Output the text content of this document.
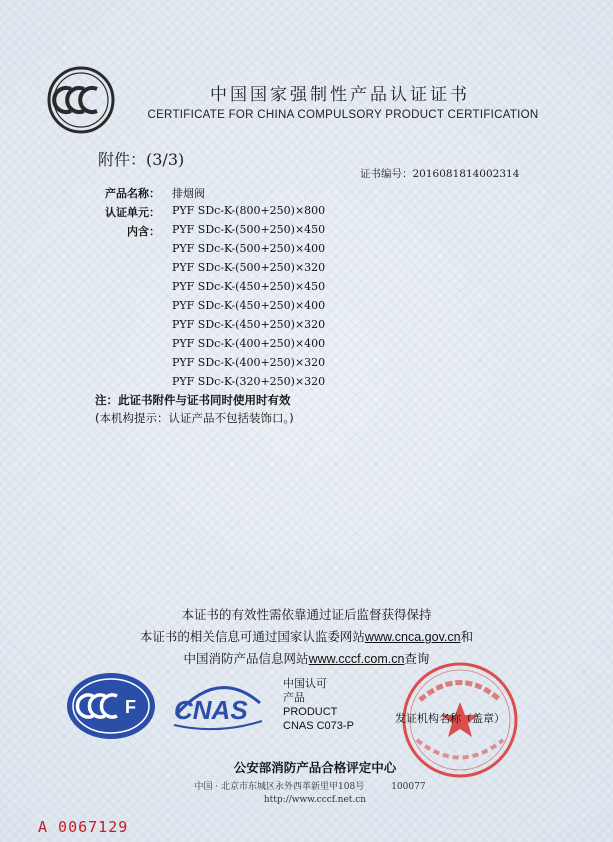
中国国家强制性产品认证证书
CERTIFICATE FOR CHINA COMPULSORY PRODUCT CERTIFICATION
附件：(3/3)
证书编号：2016081814002314
产品名称： 排烟阀
认证单元： PYF SDc-K-(800+250)×800
内含： PYF SDc-K-(500+250)×450
PYF SDc-K-(500+250)×400
PYF SDc-K-(500+250)×320
PYF SDc-K-(450+250)×450
PYF SDc-K-(450+250)×400
PYF SDc-K-(450+250)×320
PYF SDc-K-(400+250)×400
PYF SDc-K-(400+250)×320
PYF SDc-K-(320+250)×320
注：此证书附件与证书同时使用时有效
(本机构提示：认证产品不包括装饰口。)
本证书的有效性需依靠通过证后监督获得保持
本证书的相关信息可通过国家认监委网站www.cnca.gov.cn和
中国消防产品信息网站www.cccf.com.cn查询
F CNAS
中国认可
产品
PRODUCT
CNAS C073-P
发证机构名称（盖章）
公安部消防产品合格评定中心
中国 · 北京市东城区永外西革新里甲108号　　　100077
http://www.cccf.net.cn
A 0067129
